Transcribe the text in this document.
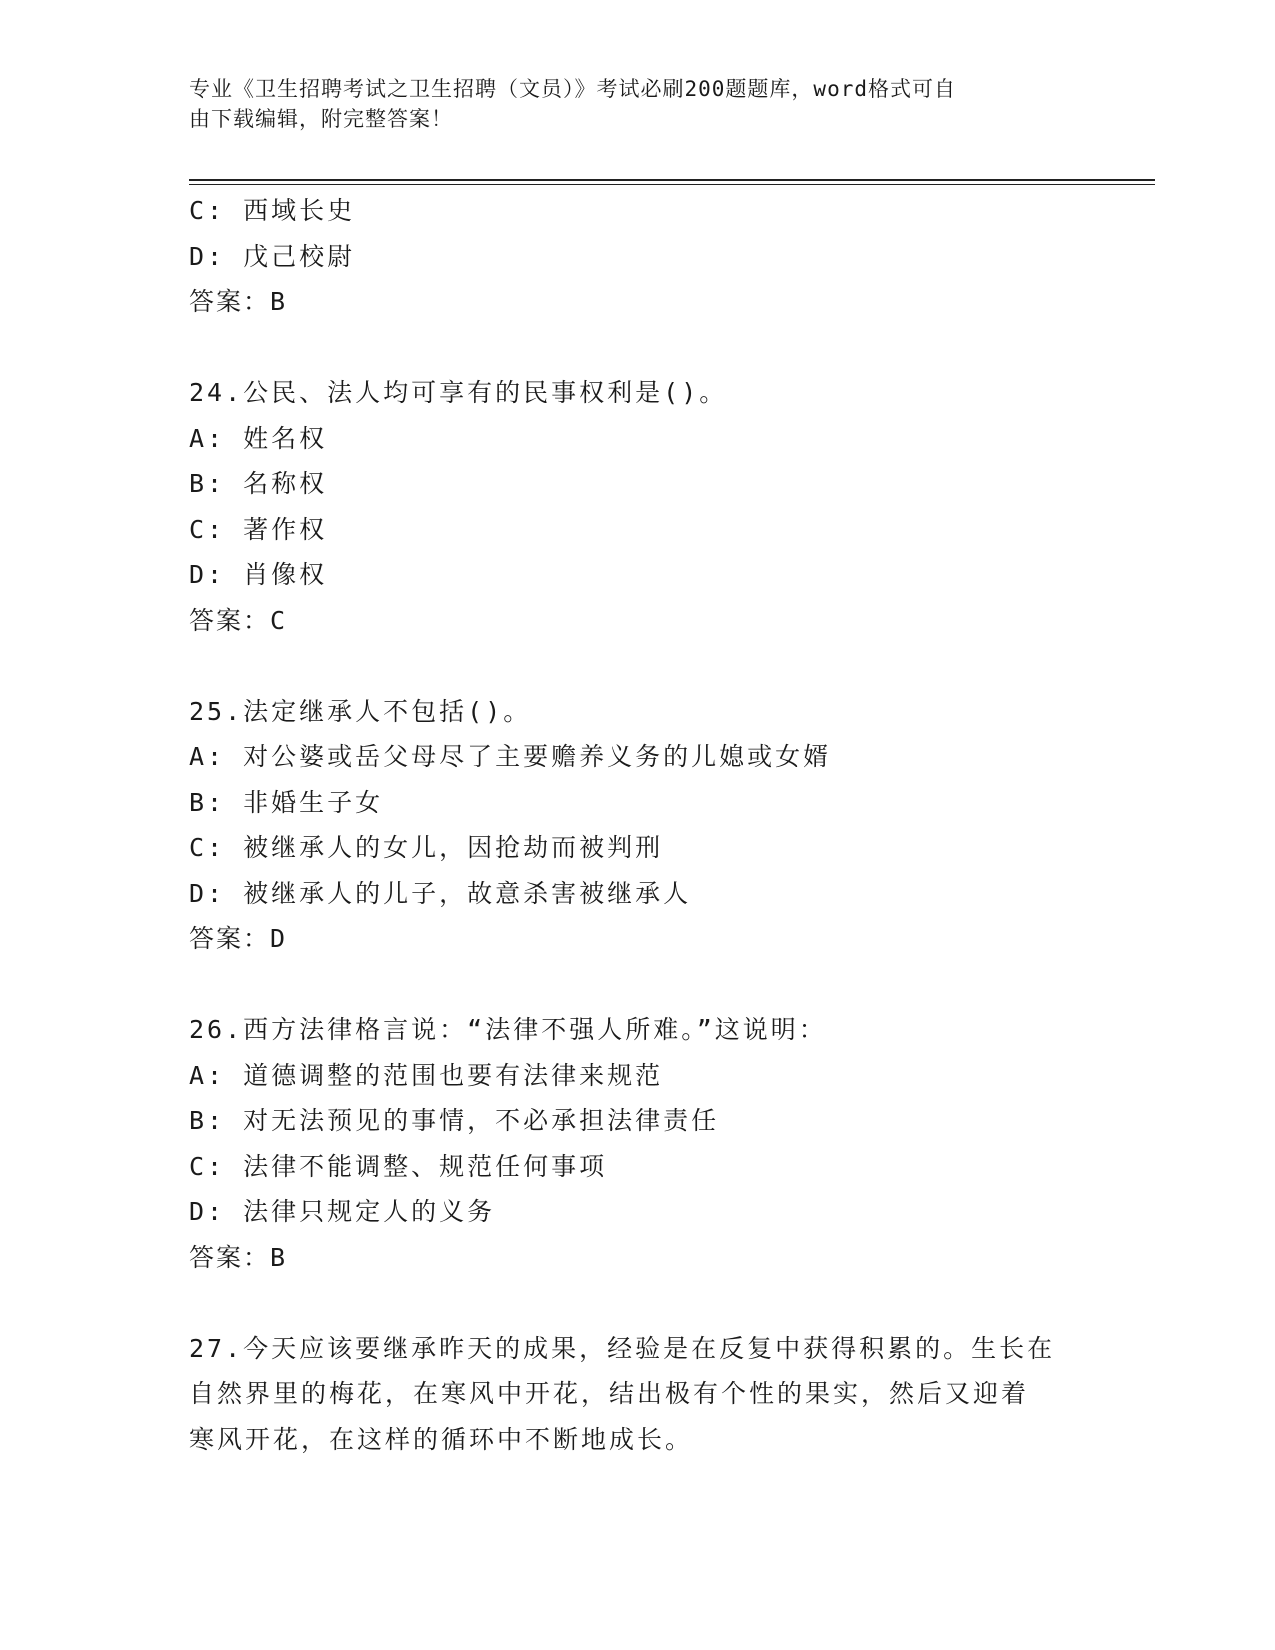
专业《卫生招聘考试之卫生招聘（文员）》考试必刷200题题库，word格式可自
由下载编辑，附完整答案！
C: 西域长史
D: 戊己校尉
答案：B
24.公民、法人均可享有的民事权利是()。
A: 姓名权
B: 名称权
C: 著作权
D: 肖像权
答案：C
25.法定继承人不包括()。
A: 对公婆或岳父母尽了主要赡养义务的儿媳或女婿
B: 非婚生子女
C: 被继承人的女儿，因抢劫而被判刑
D: 被继承人的儿子，故意杀害被继承人
答案：D
26.西方法律格言说：“法律不强人所难。”这说明：
A: 道德调整的范围也要有法律来规范
B: 对无法预见的事情，不必承担法律责任
C: 法律不能调整、规范任何事项
D: 法律只规定人的义务
答案：B
27.今天应该要继承昨天的成果，经验是在反复中获得积累的。生长在
自然界里的梅花，在寒风中开花，结出极有个性的果实，然后又迎着
寒风开花，在这样的循环中不断地成长。
